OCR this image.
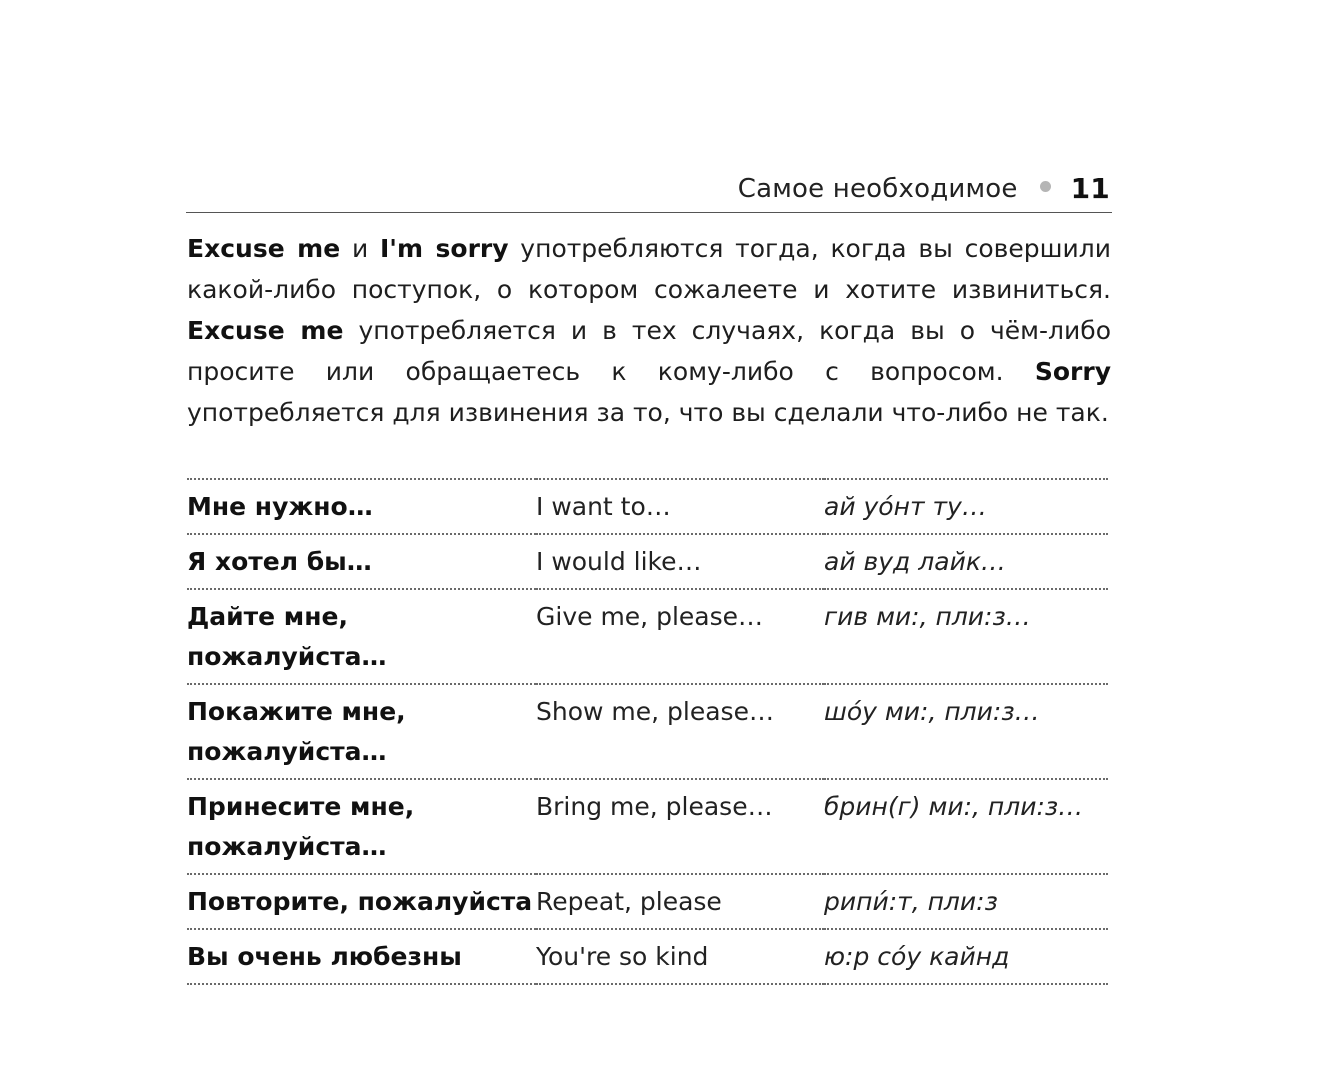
Самое необходимое 11

Excuse me и I'm sorry употребляются тогда, когда вы совершили какой-либо поступок, о котором сожалеете и хотите извиниться. Excuse me употребляется и в тех случаях, когда вы о чём-либо просите или обращаетесь к кому-либо с вопросом. Sorry употребляется для извинения за то, что вы сделали что-либо не так.

Мне нужно…	I want to…	ай уóнт ту…
Я хотел бы…	I would like…	ай вуд лайк…
Дайте мне, пожалуйста…	Give me, please…	гив ми:, пли:з…
Покажите мне, пожалуйста…	Show me, please…	шóу ми:, пли:з…
Принесите мне, пожалуйста…	Bring me, please…	брин(г) ми:, пли:з…
Повторите, пожалуйста	Repeat, please	рипи́:т, пли:з
Вы очень любезны	You're so kind	ю:р сóу кайнд
